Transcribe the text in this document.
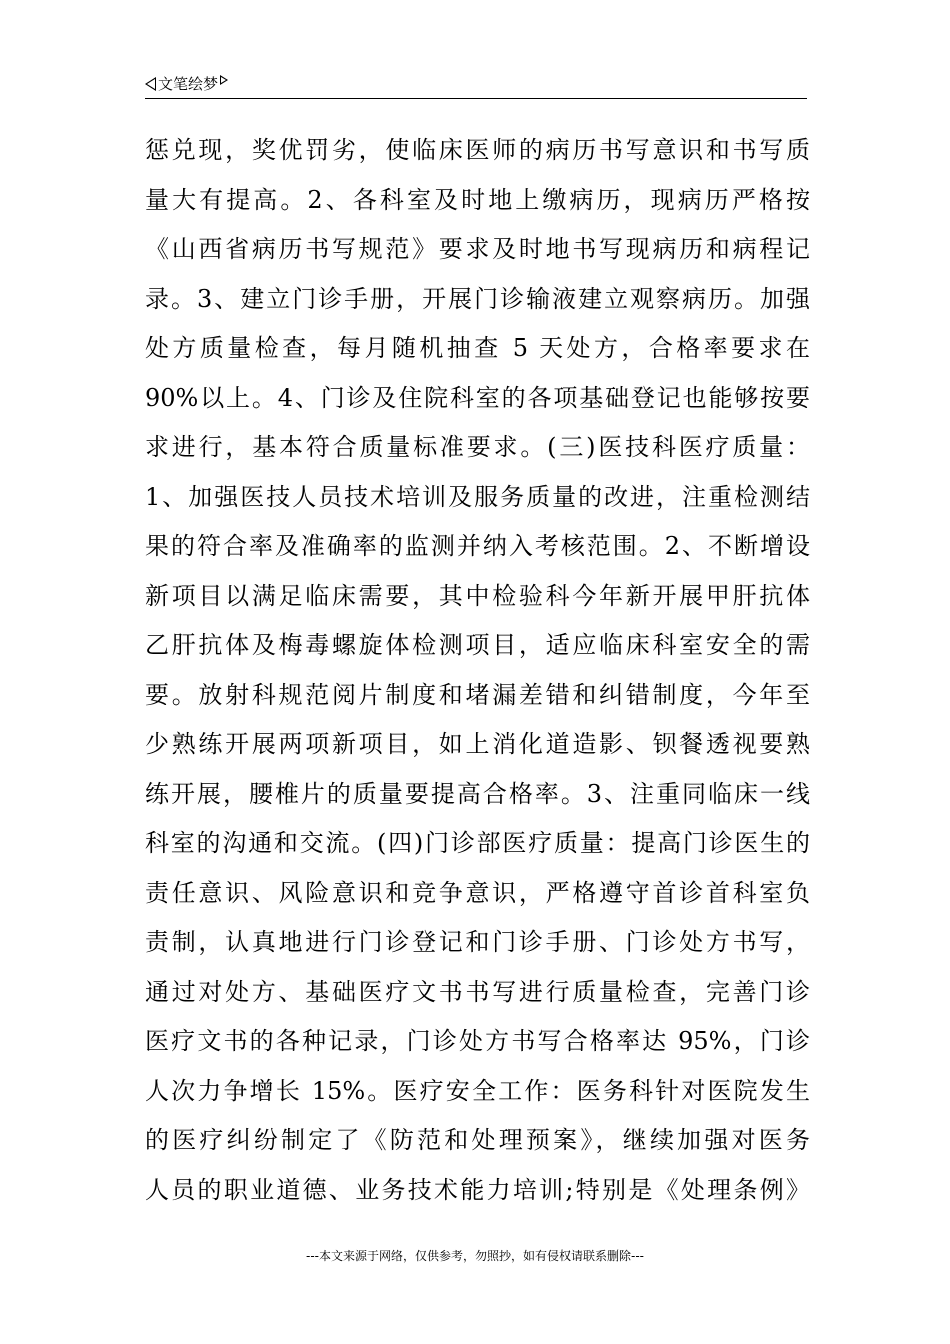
文笔绘梦
惩兑现，奖优罚劣，使临床医师的病历书写意识和书写质
量大有提高。2、各科室及时地上缴病历，现病历严格按
《山西省病历书写规范》要求及时地书写现病历和病程记
录。3、建立门诊手册，开展门诊输液建立观察病历。加强
处方质量检查，每月随机抽查 5 天处方，合格率要求在
90%以上。4、门诊及住院科室的各项基础登记也能够按要
求进行，基本符合质量标准要求。(三)医技科医疗质量：
1、加强医技人员技术培训及服务质量的改进，注重检测结
果的符合率及准确率的监测并纳入考核范围。2、不断增设
新项目以满足临床需要，其中检验科今年新开展甲肝抗体
乙肝抗体及梅毒螺旋体检测项目，适应临床科室安全的需
要。放射科规范阅片制度和堵漏差错和纠错制度，今年至
少熟练开展两项新项目，如上消化道造影、钡餐透视要熟
练开展，腰椎片的质量要提高合格率。3、注重同临床一线
科室的沟通和交流。(四)门诊部医疗质量：提高门诊医生的
责任意识、风险意识和竞争意识，严格遵守首诊首科室负
责制，认真地进行门诊登记和门诊手册、门诊处方书写，
通过对处方、基础医疗文书书写进行质量检查，完善门诊
医疗文书的各种记录，门诊处方书写合格率达 95%，门诊
人次力争增长 15%。医疗安全工作：医务科针对医院发生
的医疗纠纷制定了《防范和处理预案》，继续加强对医务
人员的职业道德、业务技术能力培训;特别是《处理条例》
---本文来源于网络，仅供参考，勿照抄，如有侵权请联系删除---
